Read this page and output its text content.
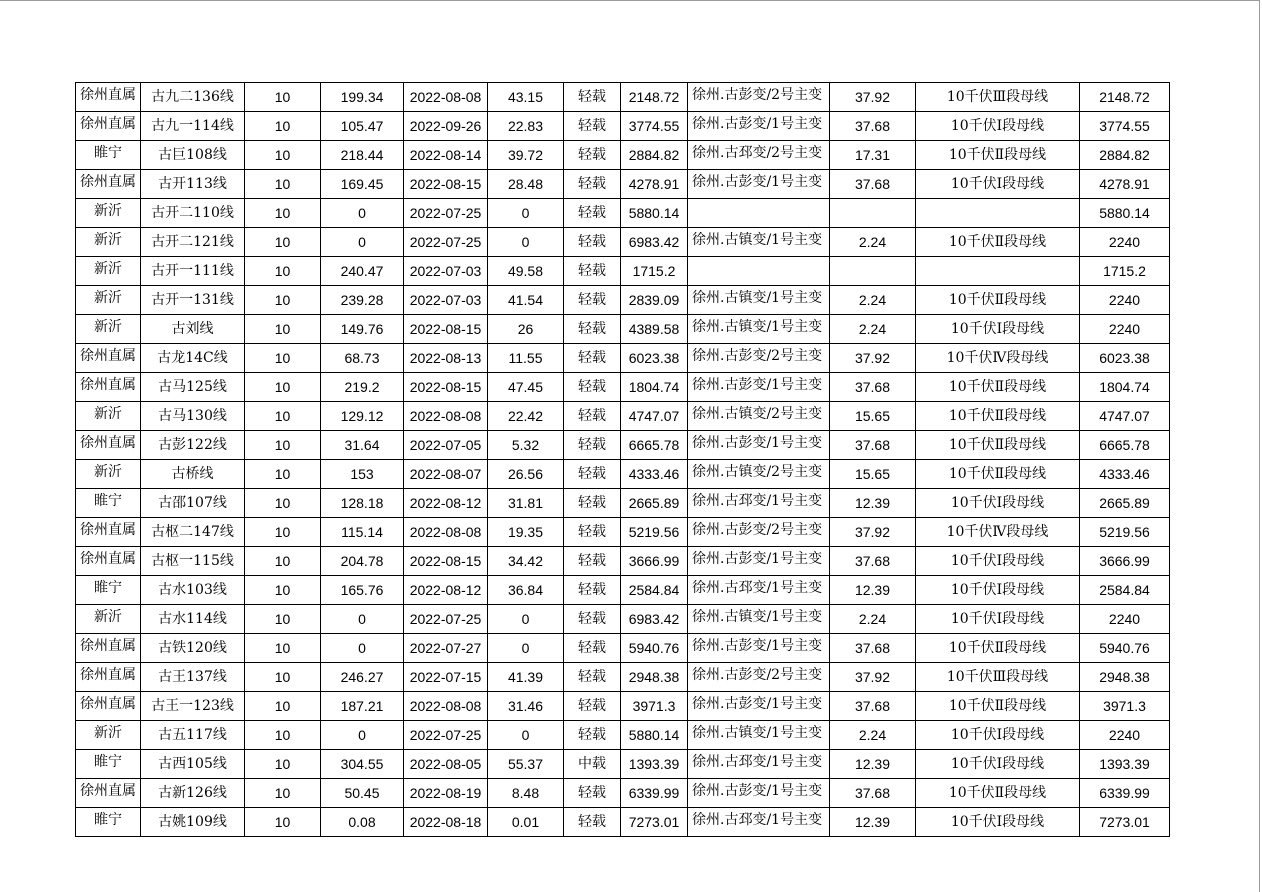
徐州直属	古九二136线	10	199.34	2022-08-08	43.15	轻载	2148.72	徐州.古彭变/2号主变	37.92	10千伏Ⅲ段母线	2148.72

徐州直属	古九一114线	10	105.47	2022-09-26	22.83	轻载	3774.55	徐州.古彭变/1号主变	37.68	10千伏Ⅰ段母线	3774.55

睢宁	古巨108线	10	218.44	2022-08-14	39.72	轻载	2884.82	徐州.古邳变/2号主变	17.31	10千伏Ⅱ段母线	2884.82

徐州直属	古开113线	10	169.45	2022-08-15	28.48	轻载	4278.91	徐州.古彭变/1号主变	37.68	10千伏Ⅰ段母线	4278.91

新沂	古开二110线	10	0	2022-07-25	0	轻载	5880.14				5880.14

新沂	古开二121线	10	0	2022-07-25	0	轻载	6983.42	徐州.古镇变/1号主变	2.24	10千伏Ⅱ段母线	2240

新沂	古开一111线	10	240.47	2022-07-03	49.58	轻载	1715.2				1715.2

新沂	古开一131线	10	239.28	2022-07-03	41.54	轻载	2839.09	徐州.古镇变/1号主变	2.24	10千伏Ⅱ段母线	2240

新沂	古刘线	10	149.76	2022-08-15	26	轻载	4389.58	徐州.古镇变/1号主变	2.24	10千伏Ⅰ段母线	2240

徐州直属	古龙14C线	10	68.73	2022-08-13	11.55	轻载	6023.38	徐州.古彭变/2号主变	37.92	10千伏Ⅳ段母线	6023.38

徐州直属	古马125线	10	219.2	2022-08-15	47.45	轻载	1804.74	徐州.古彭变/1号主变	37.68	10千伏Ⅱ段母线	1804.74

新沂	古马130线	10	129.12	2022-08-08	22.42	轻载	4747.07	徐州.古镇变/2号主变	15.65	10千伏Ⅱ段母线	4747.07

徐州直属	古彭122线	10	31.64	2022-07-05	5.32	轻载	6665.78	徐州.古彭变/1号主变	37.68	10千伏Ⅱ段母线	6665.78

新沂	古桥线	10	153	2022-08-07	26.56	轻载	4333.46	徐州.古镇变/2号主变	15.65	10千伏Ⅱ段母线	4333.46

睢宁	古邵107线	10	128.18	2022-08-12	31.81	轻载	2665.89	徐州.古邳变/1号主变	12.39	10千伏Ⅰ段母线	2665.89

徐州直属	古枢二147线	10	115.14	2022-08-08	19.35	轻载	5219.56	徐州.古彭变/2号主变	37.92	10千伏Ⅳ段母线	5219.56

徐州直属	古枢一115线	10	204.78	2022-08-15	34.42	轻载	3666.99	徐州.古彭变/1号主变	37.68	10千伏Ⅰ段母线	3666.99

睢宁	古水103线	10	165.76	2022-08-12	36.84	轻载	2584.84	徐州.古邳变/1号主变	12.39	10千伏Ⅰ段母线	2584.84

新沂	古水114线	10	0	2022-07-25	0	轻载	6983.42	徐州.古镇变/1号主变	2.24	10千伏Ⅰ段母线	2240

徐州直属	古铁120线	10	0	2022-07-27	0	轻载	5940.76	徐州.古彭变/1号主变	37.68	10千伏Ⅱ段母线	5940.76

徐州直属	古王137线	10	246.27	2022-07-15	41.39	轻载	2948.38	徐州.古彭变/2号主变	37.92	10千伏Ⅲ段母线	2948.38

徐州直属	古王一123线	10	187.21	2022-08-08	31.46	轻载	3971.3	徐州.古彭变/1号主变	37.68	10千伏Ⅱ段母线	3971.3

新沂	古五117线	10	0	2022-07-25	0	轻载	5880.14	徐州.古镇变/1号主变	2.24	10千伏Ⅰ段母线	2240

睢宁	古西105线	10	304.55	2022-08-05	55.37	中载	1393.39	徐州.古邳变/1号主变	12.39	10千伏Ⅰ段母线	1393.39

徐州直属	古新126线	10	50.45	2022-08-19	8.48	轻载	6339.99	徐州.古彭变/1号主变	37.68	10千伏Ⅱ段母线	6339.99

睢宁	古姚109线	10	0.08	2022-08-18	0.01	轻载	7273.01	徐州.古邳变/1号主变	12.39	10千伏Ⅰ段母线	7273.01
